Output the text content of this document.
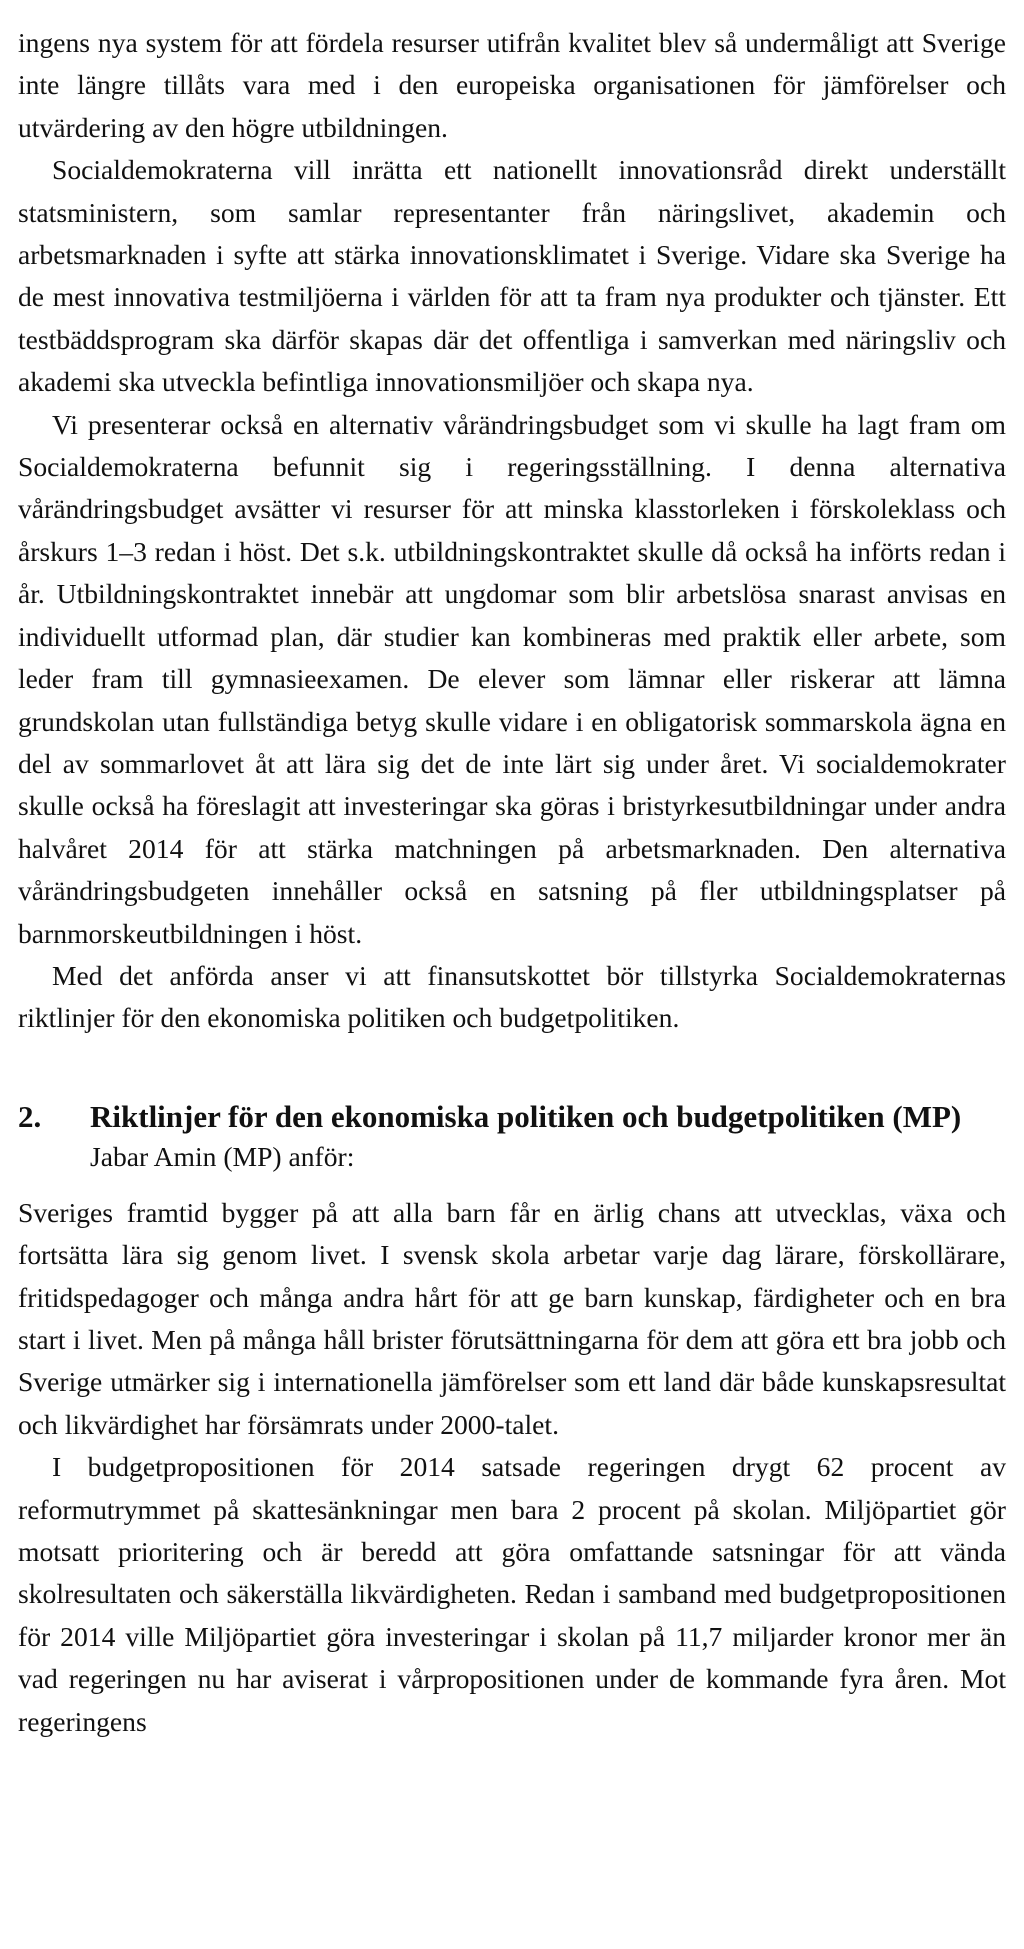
ingens nya system för att fördela resurser utifrån kvalitet blev så undermåligt att Sverige inte längre tillåts vara med i den europeiska organisationen för jämförelser och utvärdering av den högre utbildningen.

Socialdemokraterna vill inrätta ett nationellt innovationsråd direkt underställt statsministern, som samlar representanter från näringslivet, akademin och arbetsmarknaden i syfte att stärka innovationsklimatet i Sverige. Vidare ska Sverige ha de mest innovativa testmiljöerna i världen för att ta fram nya produkter och tjänster. Ett testbäddsprogram ska därför skapas där det offentliga i samverkan med näringsliv och akademi ska utveckla befintliga innovationsmiljöer och skapa nya.

Vi presenterar också en alternativ vårändringsbudget som vi skulle ha lagt fram om Socialdemokraterna befunnit sig i regeringsställning. I denna alternativa vårändringsbudget avsätter vi resurser för att minska klasstorleken i förskoleklass och årskurs 1–3 redan i höst. Det s.k. utbildningskontraktet skulle då också ha införts redan i år. Utbildningskontraktet innebär att ungdomar som blir arbetslösa snarast anvisas en individuellt utformad plan, där studier kan kombineras med praktik eller arbete, som leder fram till gymnasieexamen. De elever som lämnar eller riskerar att lämna grundskolan utan fullständiga betyg skulle vidare i en obligatorisk sommarskola ägna en del av sommarlovet åt att lära sig det de inte lärt sig under året. Vi socialdemokrater skulle också ha föreslagit att investeringar ska göras i bristyrkesutbildningar under andra halvåret 2014 för att stärka matchningen på arbetsmarknaden. Den alternativa vårändringsbudgeten innehåller också en satsning på fler utbildningsplatser på barnmorskeutbildningen i höst.

Med det anförda anser vi att finansutskottet bör tillstyrka Socialdemokraternas riktlinjer för den ekonomiska politiken och budgetpolitiken.

2. Riktlinjer för den ekonomiska politiken och budgetpolitiken (MP)

Jabar Amin (MP) anför:

Sveriges framtid bygger på att alla barn får en ärlig chans att utvecklas, växa och fortsätta lära sig genom livet. I svensk skola arbetar varje dag lärare, förskollärare, fritidspedagoger och många andra hårt för att ge barn kunskap, färdigheter och en bra start i livet. Men på många håll brister förutsättningarna för dem att göra ett bra jobb och Sverige utmärker sig i internationella jämförelser som ett land där både kunskapsresultat och likvärdighet har försämrats under 2000-talet.

I budgetpropositionen för 2014 satsade regeringen drygt 62 procent av reformutrymmet på skattesänkningar men bara 2 procent på skolan. Miljöpartiet gör motsatt prioritering och är beredd att göra omfattande satsningar för att vända skolresultaten och säkerställa likvärdigheten. Redan i samband med budgetpropositionen för 2014 ville Miljöpartiet göra investeringar i skolan på 11,7 miljarder kronor mer än vad regeringen nu har aviserat i vårpropositionen under de kommande fyra åren. Mot regeringens
